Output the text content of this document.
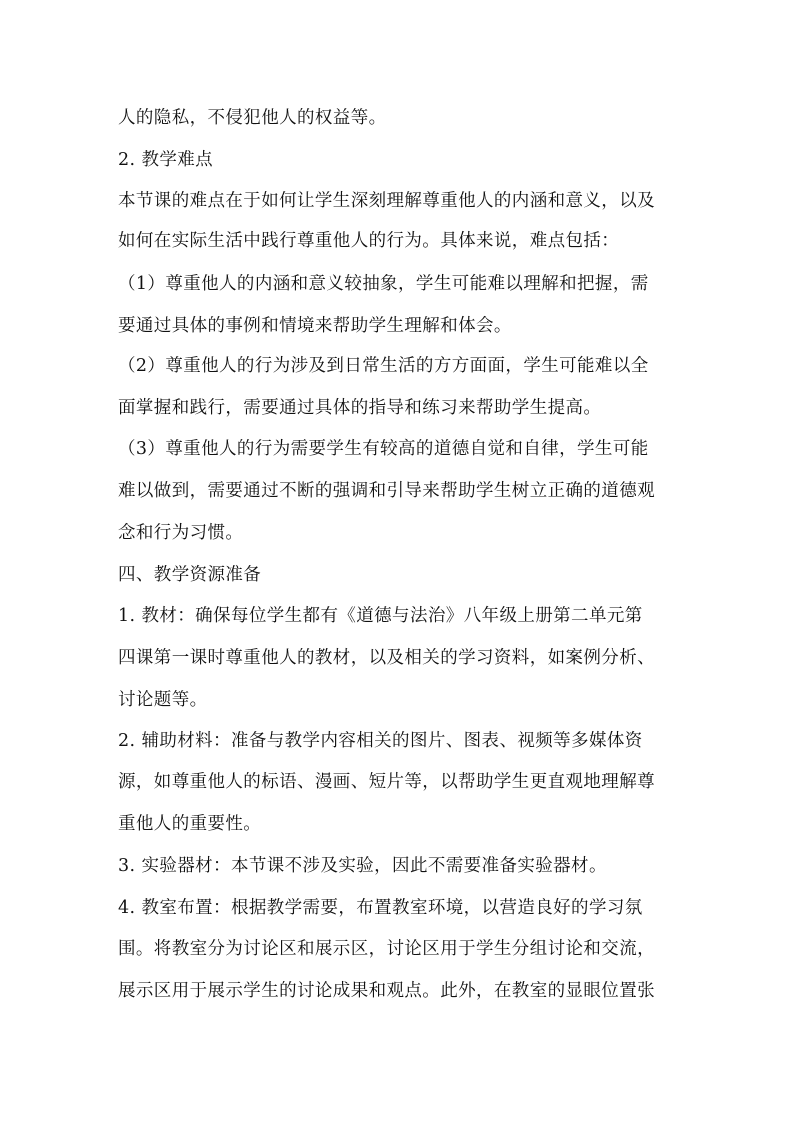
人的隐私，不侵犯他人的权益等。
2. 教学难点
本节课的难点在于如何让学生深刻理解尊重他人的内涵和意义，以及
如何在实际生活中践行尊重他人的行为。具体来说，难点包括：
（1）尊重他人的内涵和意义较抽象，学生可能难以理解和把握，需
要通过具体的事例和情境来帮助学生理解和体会。
（2）尊重他人的行为涉及到日常生活的方方面面，学生可能难以全
面掌握和践行，需要通过具体的指导和练习来帮助学生提高。
（3）尊重他人的行为需要学生有较高的道德自觉和自律，学生可能
难以做到，需要通过不断的强调和引导来帮助学生树立正确的道德观
念和行为习惯。
四、教学资源准备
1. 教材：确保每位学生都有《道德与法治》八年级上册第二单元第
四课第一课时尊重他人的教材，以及相关的学习资料，如案例分析、
讨论题等。
2. 辅助材料：准备与教学内容相关的图片、图表、视频等多媒体资
源，如尊重他人的标语、漫画、短片等，以帮助学生更直观地理解尊
重他人的重要性。
3. 实验器材：本节课不涉及实验，因此不需要准备实验器材。
4. 教室布置：根据教学需要，布置教室环境，以营造良好的学习氛
围。将教室分为讨论区和展示区，讨论区用于学生分组讨论和交流，
展示区用于展示学生的讨论成果和观点。此外，在教室的显眼位置张
